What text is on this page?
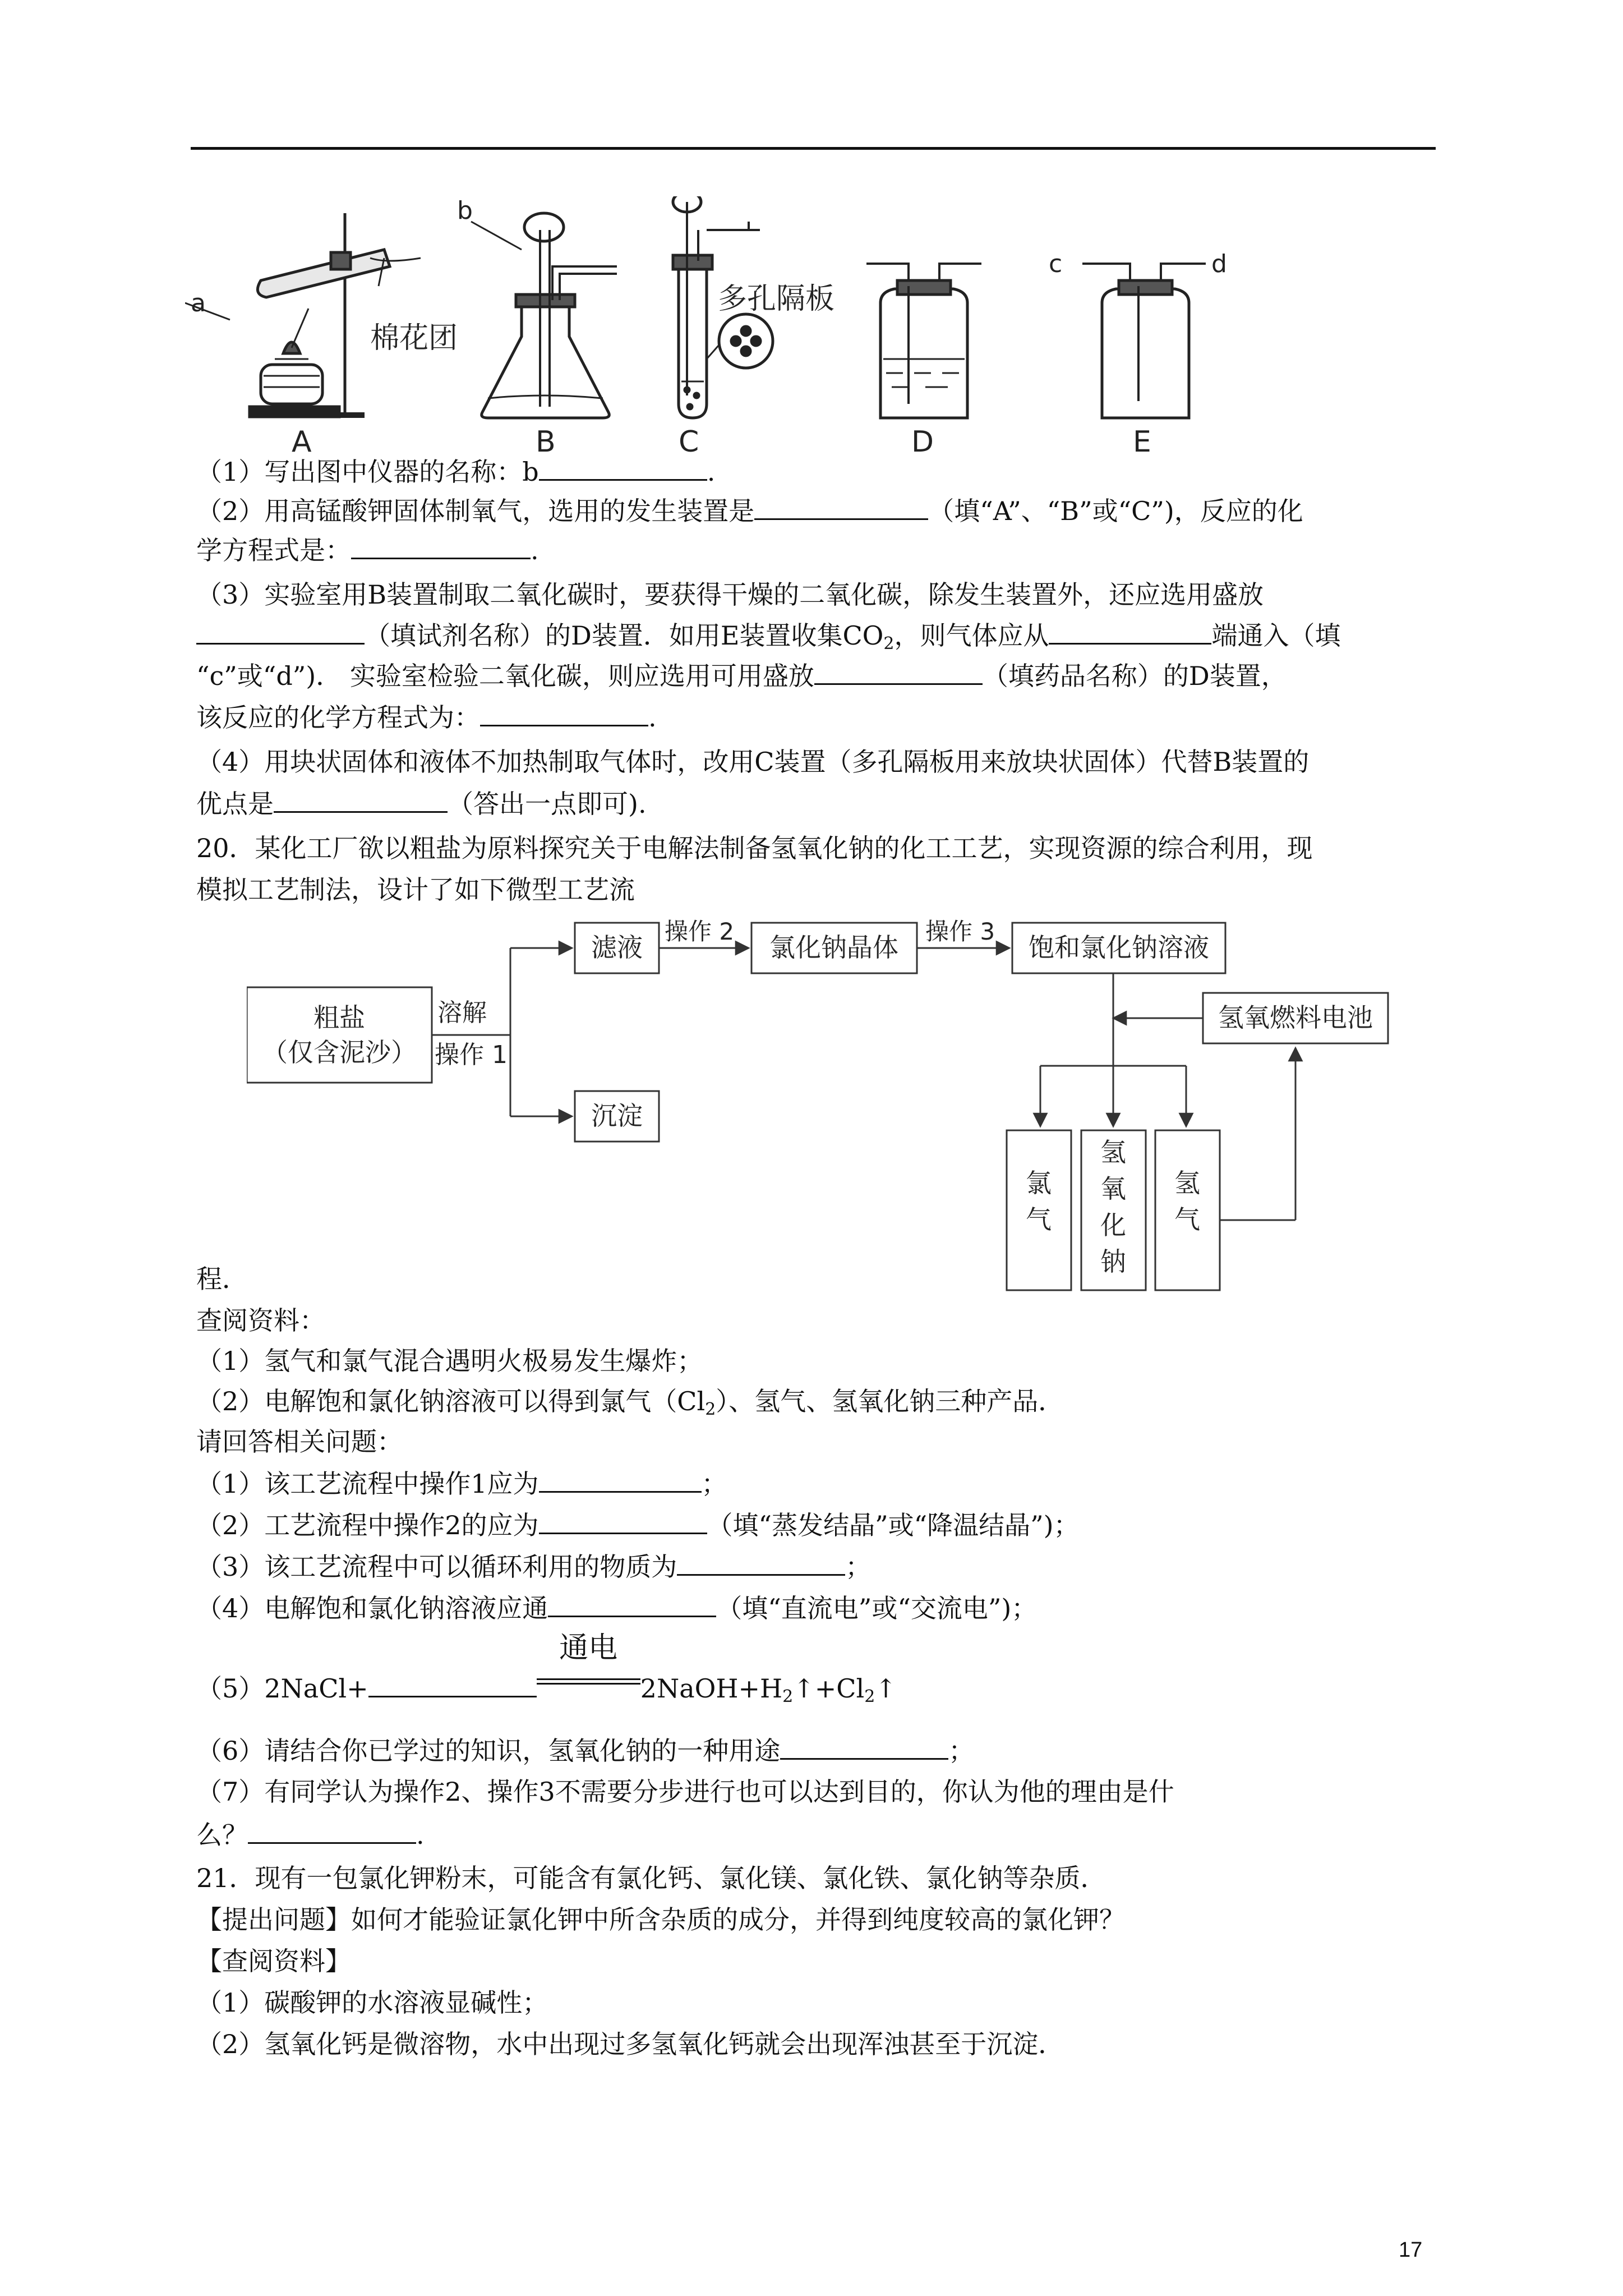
a
棉花团
A
b
B
多孔隔板
C	D
c	d
E
（1）写出图中仪器的名称：b	.
（2）用高锰酸钾固体制氧气，选用的发生装置是	（填“A”、“B”或“C”)，反应的化
学方程式是：	.
（3）实验室用B装置制取二氧化碳时，要获得干燥的二氧化碳，除发生装置外，还应选用盛放
（填试剂名称）的D装置．如用E装置收集$CO_2$，则气体应从	端通入（填
“c”或“d”)． 实验室检验二氧化碳，则应选用可用盛放	（填药品名称）的D装置，
该反应的化学方程式为：	.
（4）用块状固体和液体不加热制取气体时，改用C装置（多孔隔板用来放块状固体）代替B装置的
优点是	（答出一点即可).
20．某化工厂欲以粗盐为原料探究关于电解法制备氢氧化钠的化工工艺，实现资源的综合利用，现
模拟工艺制法，设计了如下微型工艺流
粗盐
（仅含泥沙）
溶解
操作 1
滤液
操作 2
氯化钠晶体
操作 3
饱和氯化钠溶液
沉淀
氢氧燃料电池
氯
气
氢
氧
化
钠
氢
气
程．
查阅资料：
（1）氢气和氯气混合遇明火极易发生爆炸；
（2）电解饱和氯化钠溶液可以得到氯气$(Cl_2)$、氢气、氢氧化钠三种产品．
请回答相关问题：
（1）该工艺流程中操作1应为	；
（2）工艺流程中操作2的应为	（填“蒸发结晶”或“降温结晶”)；
（3）该工艺流程中可以循环利用的物质为	；
（4）电解饱和氯化钠溶液应通	（填“直流电”或“交流电”)；
（5）2NaCl+
通电
$2NaOH+H_2↑+Cl_2↑$
（6）请结合你已学过的知识，氢氧化钠的一种用途	；
（7）有同学认为操作2、操作3不需要分步进行也可以达到目的，你认为他的理由是什
么？	.
21．现有一包氯化钾粉末，可能含有氯化钙、氯化镁、氯化铁、氯化钠等杂质．
【提出问题】如何才能验证氯化钾中所含杂质的成分，并得到纯度较高的氯化钾？
【查阅资料】
（1）碳酸钾的水溶液显碱性；
（2）氢氧化钙是微溶物，水中出现过多氢氧化钙就会出现浑浊甚至于沉淀．
17
